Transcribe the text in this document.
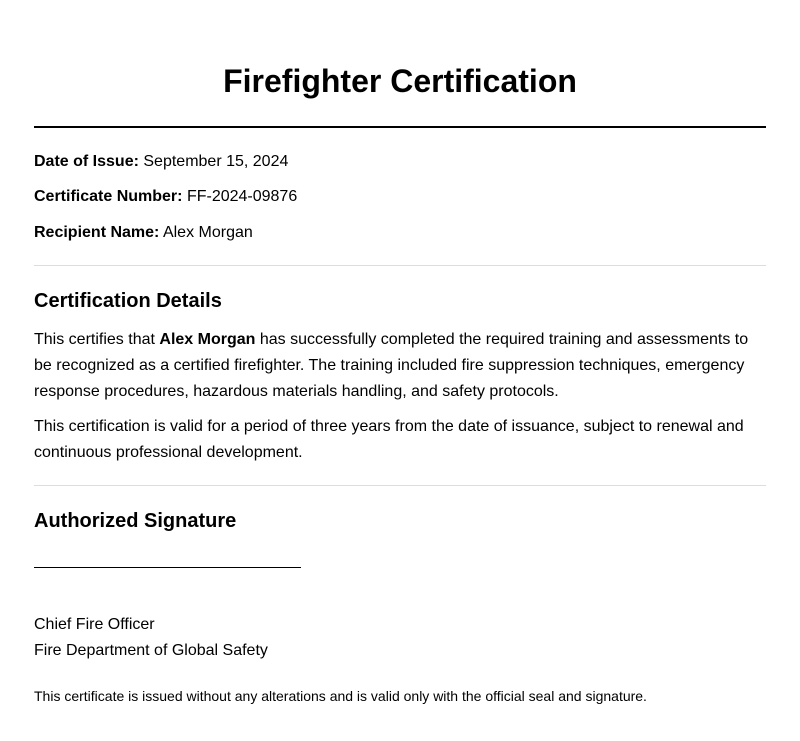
Firefighter Certification

Date of Issue: September 15, 2024

Certificate Number: FF-2024-09876

Recipient Name: Alex Morgan

Certification Details

This certifies that Alex Morgan has successfully completed the required training and assessments to be recognized as a certified firefighter. The training included fire suppression techniques, emergency response procedures, hazardous materials handling, and safety protocols.

This certification is valid for a period of three years from the date of issuance, subject to renewal and continuous professional development.

Authorized Signature

Chief Fire Officer

Fire Department of Global Safety

This certificate is issued without any alterations and is valid only with the official seal and signature.
